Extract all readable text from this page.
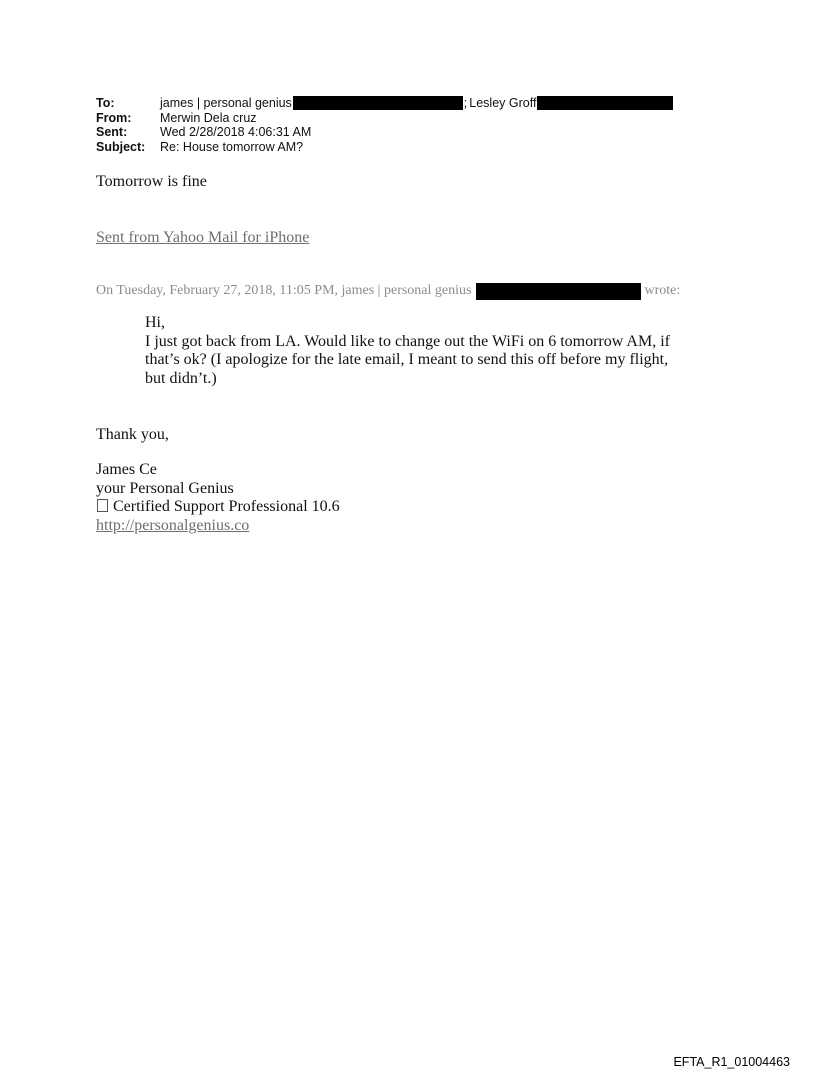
To:	james | personal genius	; Lesley Groff
From:	Merwin Dela cruz
Sent:	Wed 2/28/2018 4:06:31 AM
Subject:	Re: House tomorrow AM?
Tomorrow is fine
Sent from Yahoo Mail for iPhone
On Tuesday, February 27, 2018, 11:05 PM, james | personal genius	wrote:
Hi,
I just got back from LA. Would like to change out the WiFi on 6 tomorrow AM, if
that’s ok? (I apologize for the late email, I meant to send this off before my flight,
but didn’t.)
Thank you,
James Ce
your Personal Genius
Certified Support Professional 10.6
http://personalgenius.co
EFTA_R1_01004463
